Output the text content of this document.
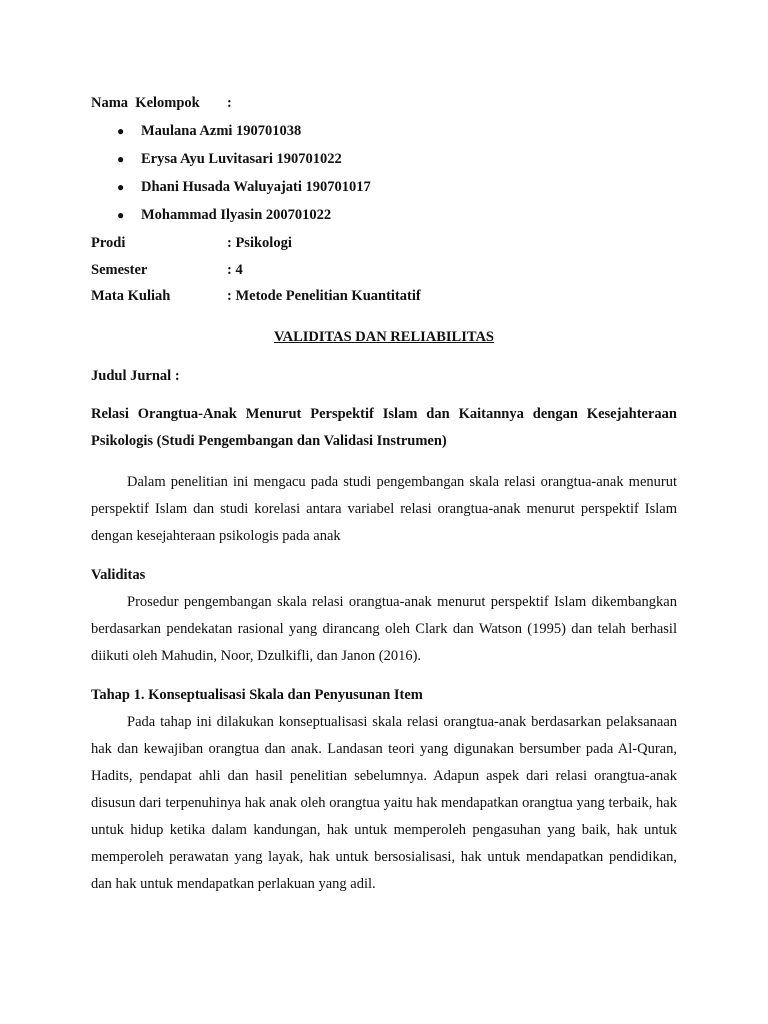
Nama  Kelompok :
● Maulana Azmi 190701038
● Erysa Ayu Luvitasari 190701022
● Dhani Husada Waluyajati 190701017
● Mohammad Ilyasin 200701022
Prodi	: Psikologi
Semester	: 4
Mata Kuliah	: Metode Penelitian Kuantitatif
VALIDITAS DAN RELIABILITAS
Judul Jurnal :
Relasi Orangtua-Anak Menurut Perspektif Islam dan Kaitannya dengan Kesejahteraan Psikologis (Studi Pengembangan dan Validasi Instrumen)
Dalam penelitian ini mengacu pada studi pengembangan skala relasi orangtua-anak menurut perspektif Islam dan studi korelasi antara variabel relasi orangtua-anak menurut perspektif Islam dengan kesejahteraan psikologis pada anak
Validitas
Prosedur pengembangan skala relasi orangtua-anak menurut perspektif Islam dikembangkan berdasarkan pendekatan rasional yang dirancang oleh Clark dan Watson (1995) dan telah berhasil diikuti oleh Mahudin, Noor, Dzulkifli, dan Janon (2016).
Tahap 1. Konseptualisasi Skala dan Penyusunan Item
Pada tahap ini dilakukan konseptualisasi skala relasi orangtua-anak berdasarkan pelaksanaan hak dan kewajiban orangtua dan anak. Landasan teori yang digunakan bersumber pada Al-Quran, Hadits, pendapat ahli dan hasil penelitian sebelumnya. Adapun aspek dari relasi orangtua-anak disusun dari terpenuhinya hak anak oleh orangtua yaitu hak mendapatkan orangtua yang terbaik, hak untuk hidup ketika dalam kandungan, hak untuk memperoleh pengasuhan yang baik, hak untuk memperoleh perawatan yang layak, hak untuk bersosialisasi, hak untuk mendapatkan pendidikan, dan hak untuk mendapatkan perlakuan yang adil.
